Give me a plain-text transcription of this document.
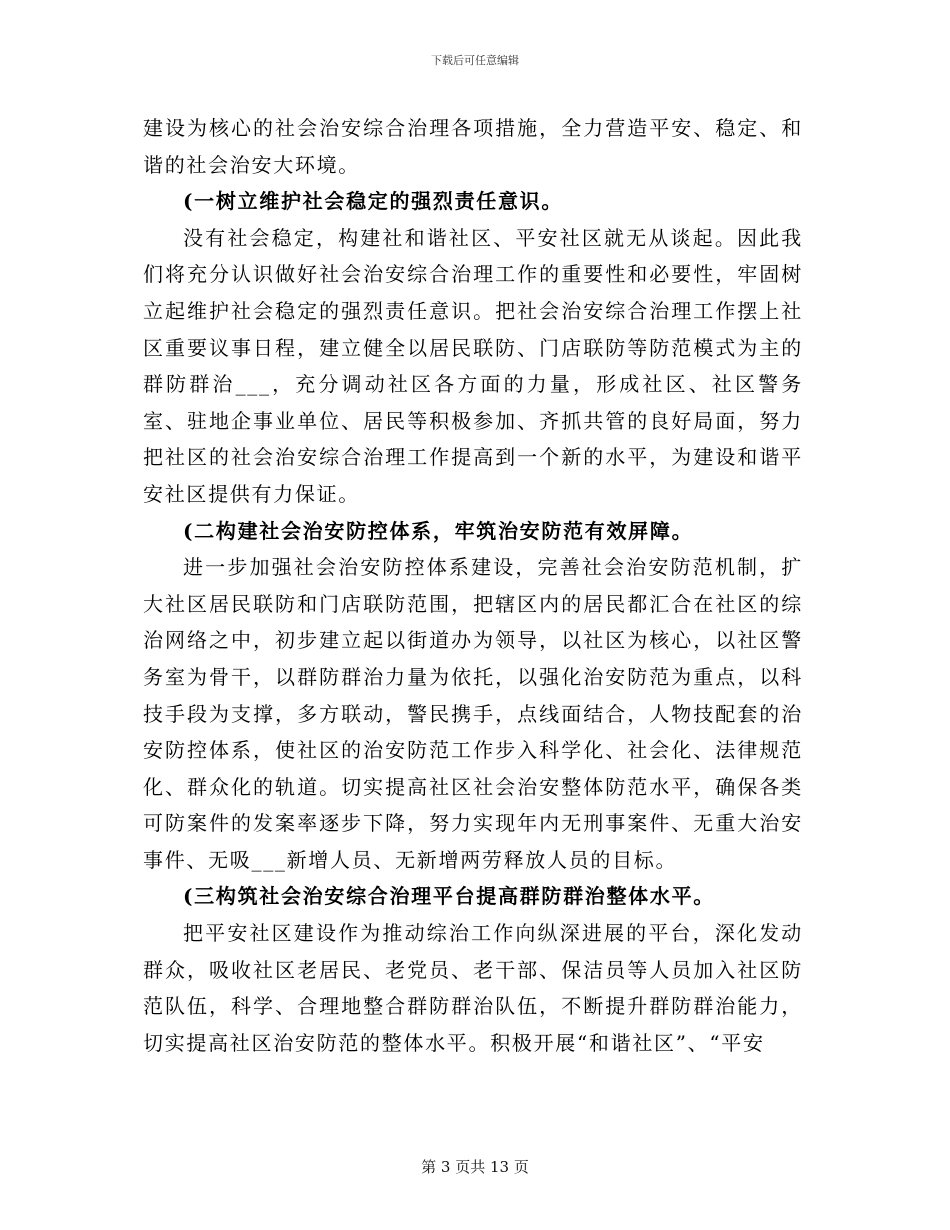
下载后可任意编辑

建设为核心的社会治安综合治理各项措施，全力营造平安、稳定、和谐的社会治安大环境。

(一树立维护社会稳定的强烈责任意识。

没有社会稳定，构建社和谐社区、平安社区就无从谈起。因此我们将充分认识做好社会治安综合治理工作的重要性和必要性，牢固树立起维护社会稳定的强烈责任意识。把社会治安综合治理工作摆上社区重要议事日程，建立健全以居民联防、门店联防等防范模式为主的群防群治___，充分调动社区各方面的力量，形成社区、社区警务室、驻地企事业单位、居民等积极参加、齐抓共管的良好局面，努力把社区的社会治安综合治理工作提高到一个新的水平，为建设和谐平安社区提供有力保证。

(二构建社会治安防控体系，牢筑治安防范有效屏障。

进一步加强社会治安防控体系建设，完善社会治安防范机制，扩大社区居民联防和门店联防范围，把辖区内的居民都汇合在社区的综治网络之中，初步建立起以街道办为领导，以社区为核心，以社区警务室为骨干，以群防群治力量为依托，以强化治安防范为重点，以科技手段为支撑，多方联动，警民携手，点线面结合，人物技配套的治安防控体系，使社区的治安防范工作步入科学化、社会化、法律规范化、群众化的轨道。切实提高社区社会治安整体防范水平，确保各类可防案件的发案率逐步下降，努力实现年内无刑事案件、无重大治安事件、无吸___新增人员、无新增两劳释放人员的目标。

(三构筑社会治安综合治理平台提高群防群治整体水平。

把平安社区建设作为推动综治工作向纵深进展的平台，深化发动群众，吸收社区老居民、老党员、老干部、保洁员等人员加入社区防范队伍，科学、合理地整合群防群治队伍，不断提升群防群治能力，切实提高社区治安防范的整体水平。积极开展“和谐社区”、“平安

第 3 页共 13 页
